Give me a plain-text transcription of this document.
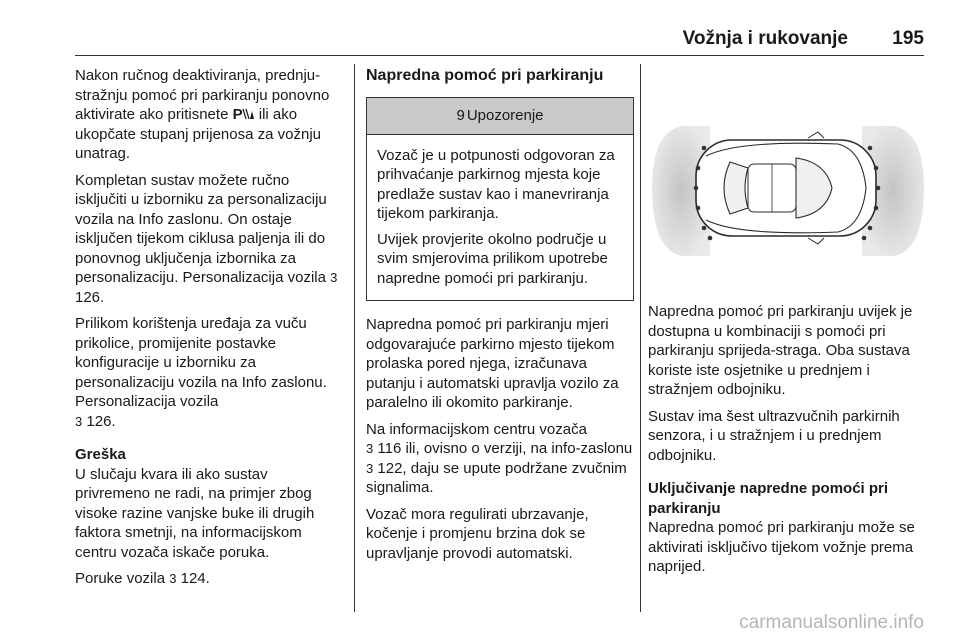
Vožnja i rukovanje 195

Nakon ručnog deaktiviranja, prednju-stražnju pomoć pri parkiranju ponovno aktivirate ako pritisnete P ili ako ukopčate stupanj prijenosa za vožnju unatrag.

Kompletan sustav možete ručno isključiti u izborniku za personalizaciju vozila na Info zaslonu. On ostaje isključen tijekom ciklusa paljenja ili do ponovnog uključenja izbornika za personalizaciju. Personalizacija vozila 3 126.

Prilikom korištenja uređaja za vuču prikolice, promijenite postavke konfiguracije u izborniku za personalizaciju vozila na Info zaslonu. Personalizacija vozila
3 126.

Greška

U slučaju kvara ili ako sustav privremeno ne radi, na primjer zbog visoke razine vanjske buke ili drugih faktora smetnji, na informacijskom centru vozača iskače poruka.

Poruke vozila 3 124.

Napredna pomoć pri parkiranju
9 Upozorenje

Vozač je u potpunosti odgovoran za prihvaćanje parkirnog mjesta koje predlaže sustav kao i manevriranja tijekom parkiranja.

Uvijek provjerite okolno područje u svim smjerovima prilikom upotrebe napredne pomoći pri parkiranju.

Napredna pomoć pri parkiranju mjeri odgovarajuće parkirno mjesto tijekom prolaska pored njega, izračunava putanju i automatski upravlja vozilo za paralelno ili okomito parkiranje.

Na informacijskom centru vozača
3 116 ili, ovisno o verziji, na info-zaslonu 3 122, daju se upute podržane zvučnim signalima.

Vozač mora regulirati ubrzavanje, kočenje i promjenu brzina dok se upravljanje provodi automatski.

Napredna pomoć pri parkiranju uvijek je dostupna u kombinaciji s pomoći pri parkiranju sprijeda-straga. Oba sustava koriste iste osjetnike u prednjem i stražnjem odbojniku.

Sustav ima šest ultrazvučnih parkirnih senzora, i u stražnjem i u prednjem odbojniku.

Uključivanje napredne pomoći pri parkiranju

Napredna pomoć pri parkiranju može se aktivirati isključivo tijekom vožnje prema naprijed.

carmanualsonline.info
